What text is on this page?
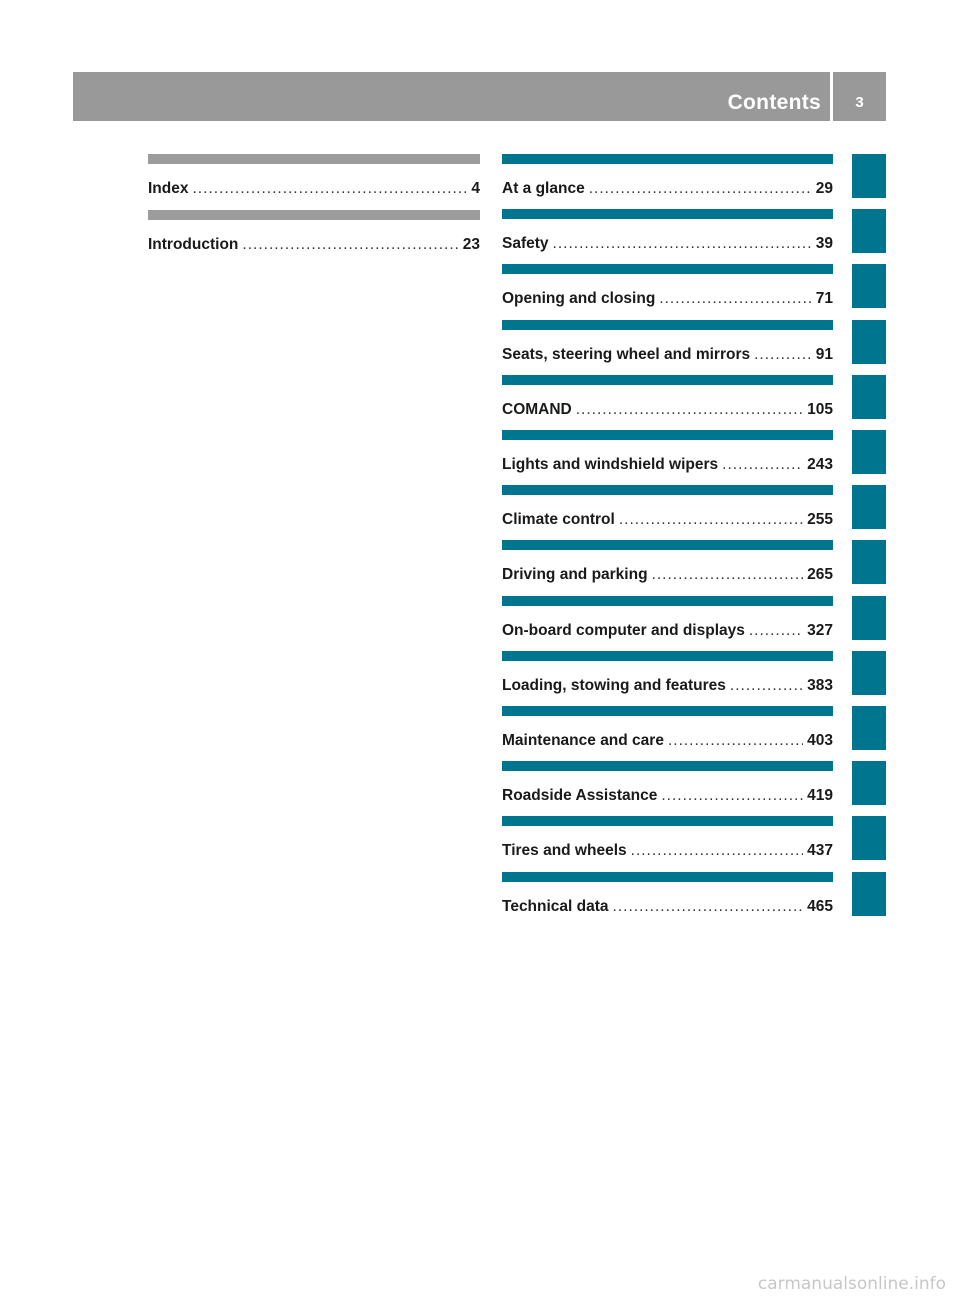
Contents	3
Index .....	4
Introduction .....	23
At a glance .....	29
Safety .....	39
Opening and closing .....	71
Seats, steering wheel and mirrors .....	91
COMAND .....	105
Lights and windshield wipers .....	243
Climate control .....	255
Driving and parking .....	265
On-board computer and displays .....	327
Loading, stowing and features .....	383
Maintenance and care .....	403
Roadside Assistance .....	419
Tires and wheels .....	437
Technical data .....	465
carmanualsonline.info
